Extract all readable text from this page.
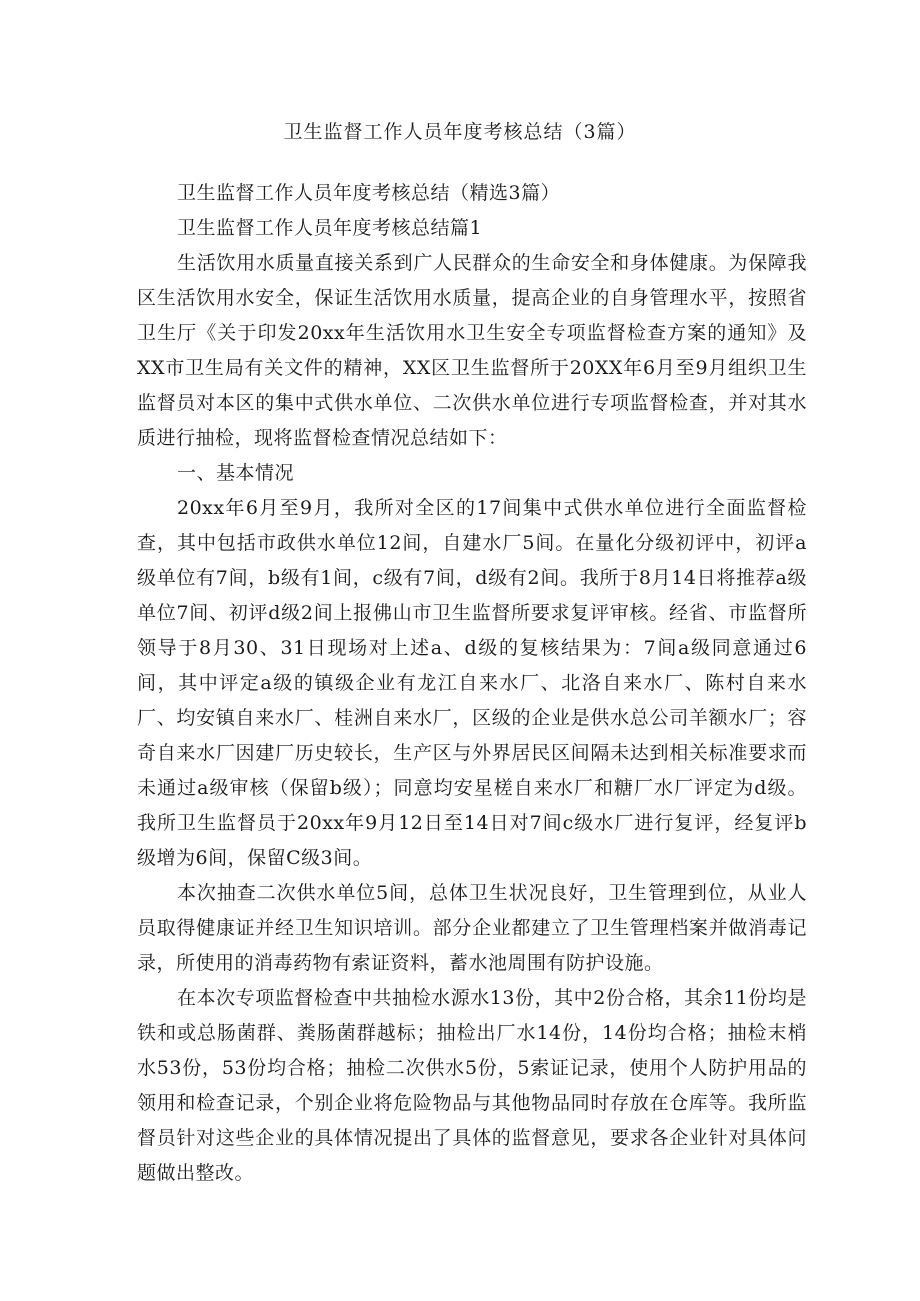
卫生监督工作人员年度考核总结（3篇）

卫生监督工作人员年度考核总结（精选3篇）

卫生监督工作人员年度考核总结篇1

生活饮用水质量直接关系到广人民群众的生命安全和身体健康。为保障我区生活饮用水安全，保证生活饮用水质量，提高企业的自身管理水平，按照省卫生厅《关于印发20xx年生活饮用水卫生安全专项监督检查方案的通知》及XX市卫生局有关文件的精神，XX区卫生监督所于20XX年6月至9月组织卫生监督员对本区的集中式供水单位、二次供水单位进行专项监督检查，并对其水质进行抽检，现将监督检查情况总结如下：

一、基本情况

20xx年6月至9月，我所对全区的17间集中式供水单位进行全面监督检查，其中包括市政供水单位12间，自建水厂5间。在量化分级初评中，初评a级单位有7间，b级有1间，c级有7间，d级有2间。我所于8月14日将推荐a级单位7间、初评d级2间上报佛山市卫生监督所要求复评审核。经省、市监督所领导于8月30、31日现场对上述a、d级的复核结果为：7间a级同意通过6间，其中评定a级的镇级企业有龙江自来水厂、北洛自来水厂、陈村自来水厂、均安镇自来水厂、桂洲自来水厂，区级的企业是供水总公司羊额水厂；容奇自来水厂因建厂历史较长，生产区与外界居民区间隔未达到相关标准要求而未通过a级审核（保留b级）；同意均安星槎自来水厂和糖厂水厂评定为d级。我所卫生监督员于20xx年9月12日至14日对7间c级水厂进行复评，经复评b级增为6间，保留C级3间。

本次抽查二次供水单位5间，总体卫生状况良好，卫生管理到位，从业人员取得健康证并经卫生知识培训。部分企业都建立了卫生管理档案并做消毒记录，所使用的消毒药物有索证资料，蓄水池周围有防护设施。

在本次专项监督检查中共抽检水源水13份，其中2份合格，其余11份均是铁和或总肠菌群、粪肠菌群越标；抽检出厂水14份，14份均合格；抽检末梢水53份，53份均合格；抽检二次供水5份，5索证记录，使用个人防护用品的领用和检查记录，个别企业将危险物品与其他物品同时存放在仓库等。我所监督员针对这些企业的具体情况提出了具体的监督意见，要求各企业针对具体问题做出整改。
